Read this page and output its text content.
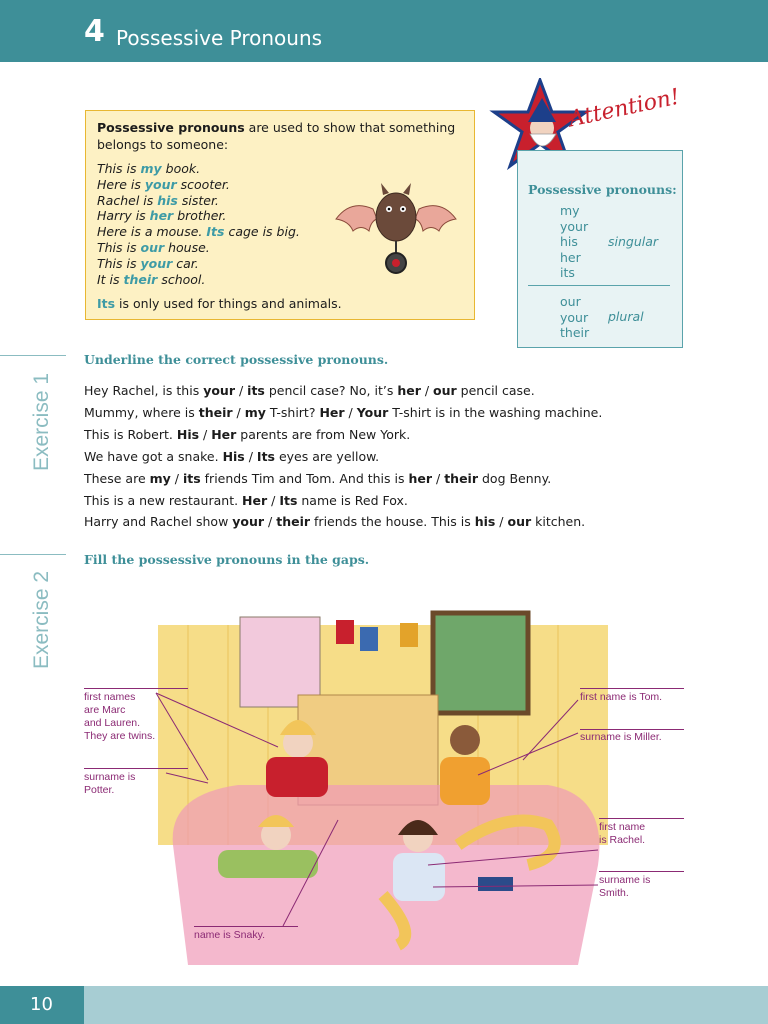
4 Possessive Pronouns
Possessive pronouns are used to show that something belongs to someone:
This is my book.
Here is your scooter.
Rachel is his sister.
Harry is her brother.
Here is a mouse. Its cage is big.
This is our house.
This is your car.
It is their school.
Its is only used for things and animals.
Attention!
Possessive pronouns:
my
your
his
her
its
singular
our
your
their
plural
Exercise 1
Underline the correct possessive pronouns.
Hey Rachel, is this your / its pencil case? No, it’s her / our pencil case.
Mummy, where is their / my T-shirt? Her / Your T-shirt is in the washing machine.
This is Robert. His / Her parents are from New York.
We have got a snake. His / Its eyes are yellow.
These are my / its friends Tim and Tom. And this is her / their dog Benny.
This is a new restaurant. Her / Its name is Red Fox.
Harry and Rachel show your / their friends the house. This is his / our kitchen.
Exercise 2
Fill the possessive pronouns in the gaps.
first names
are Marc
and Lauren.
They are twins.
surname is
Potter.
name is Snaky.
first name is Tom.
surname is Miller.
first name
is Rachel.
surname is
Smith.
10
